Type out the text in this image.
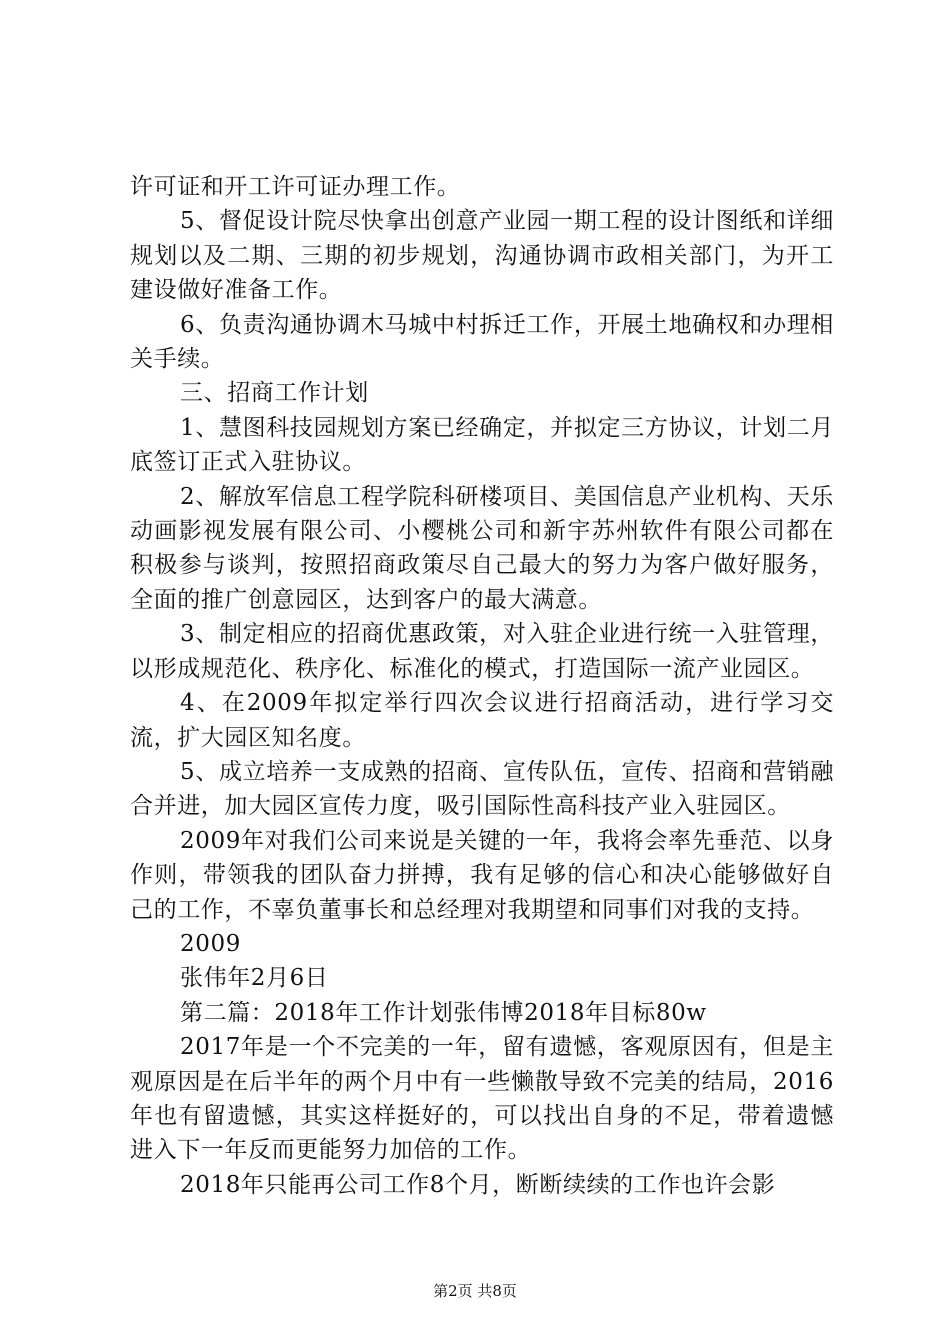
许可证和开工许可证办理工作。

5、督促设计院尽快拿出创意产业园一期工程的设计图纸和详细规划以及二期、三期的初步规划，沟通协调市政相关部门，为开工建设做好准备工作。

6、负责沟通协调木马城中村拆迁工作，开展土地确权和办理相关手续。

三、招商工作计划

1、慧图科技园规划方案已经确定，并拟定三方协议，计划二月底签订正式入驻协议。

2、解放军信息工程学院科研楼项目、美国信息产业机构、天乐动画影视发展有限公司、小樱桃公司和新宇苏州软件有限公司都在积极参与谈判，按照招商政策尽自己最大的努力为客户做好服务，全面的推广创意园区，达到客户的最大满意。

3、制定相应的招商优惠政策，对入驻企业进行统一入驻管理，以形成规范化、秩序化、标准化的模式，打造国际一流产业园区。

4、在2009年拟定举行四次会议进行招商活动，进行学习交流，扩大园区知名度。

5、成立培养一支成熟的招商、宣传队伍，宣传、招商和营销融合并进，加大园区宣传力度，吸引国际性高科技产业入驻园区。

2009年对我们公司来说是关键的一年，我将会率先垂范、以身作则，带领我的团队奋力拼搏，我有足够的信心和决心能够做好自己的工作，不辜负董事长和总经理对我期望和同事们对我的支持。

2009

张伟年2月6日

第二篇：2018年工作计划张伟博2018年目标80w

2017年是一个不完美的一年，留有遗憾，客观原因有，但是主观原因是在后半年的两个月中有一些懒散导致不完美的结局，2016年也有留遗憾，其实这样挺好的，可以找出自身的不足，带着遗憾进入下一年反而更能努力加倍的工作。

2018年只能再公司工作8个月，断断续续的工作也许会影

第2页 共8页
